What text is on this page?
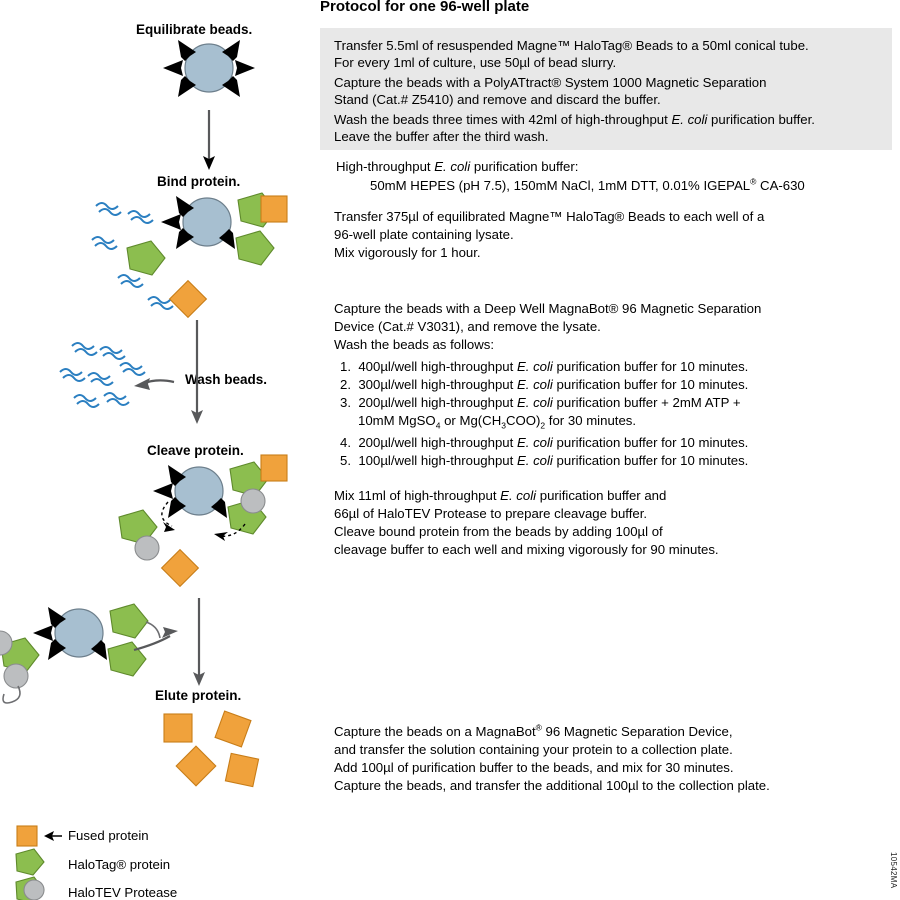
Equilibrate beads.
Bind protein.
Wash beads.
Cleave protein.
Elute protein.
Fused protein
HaloTag® protein
HaloTEV Protease
Protocol for one 96-well plate
Transfer 5.5ml of resuspended Magne™ HaloTag® Beads to a 50ml conical tube.
For every 1ml of culture, use 50µl of bead slurry.
Capture the beads with a PolyATtract® System 1000 Magnetic Separation
Stand (Cat.# Z5410) and remove and discard the buffer.
Wash the beads three times with 42ml of high-throughput E. coli purification buffer.
Leave the buffer after the third wash.
High-throughput E. coli purification buffer:
50mM HEPES (pH 7.5), 150mM NaCl, 1mM DTT, 0.01% IGEPAL® CA-630
Transfer 375µl of equilibrated Magne™ HaloTag® Beads to each well of a
96-well plate containing lysate.
Mix vigorously for 1 hour.
Capture the beads with a Deep Well MagnaBot® 96 Magnetic Separation
Device (Cat.# V3031), and remove the lysate.
Wash the beads as follows:
1.  400µl/well high-throughput E. coli purification buffer for 10 minutes.
2.  300µl/well high-throughput E. coli purification buffer for 10 minutes.
3.  200µl/well high-throughput E. coli purification buffer + 2mM ATP +
10mM MgSO$_4$ or $Mg(CH_3COO)_2$ for 30 minutes.
4.  200µl/well high-throughput E. coli purification buffer for 10 minutes.
5.  100µl/well high-throughput E. coli purification buffer for 10 minutes.
Mix 11ml of high-throughput E. coli purification buffer and
66µl of HaloTEV Protease to prepare cleavage buffer.
Cleave bound protein from the beads by adding 100µl of
cleavage buffer to each well and mixing vigorously for 90 minutes.
Capture the beads on a MagnaBot® 96 Magnetic Separation Device,
and transfer the solution containing your protein to a collection plate.
Add 100µl of purification buffer to the beads, and mix for 30 minutes.
Capture the beads, and transfer the additional 100µl to the collection plate.
10542MA
